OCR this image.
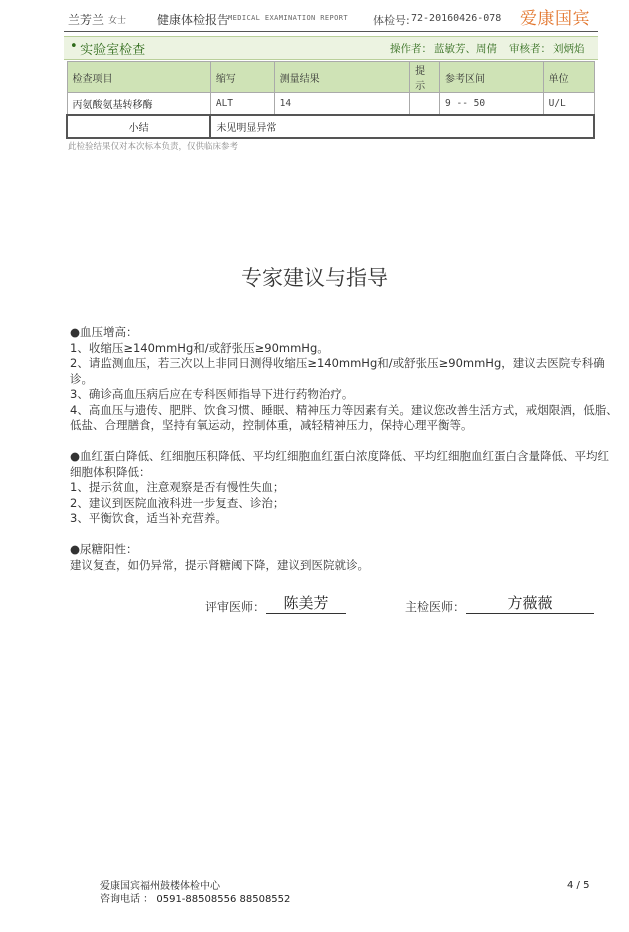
兰芳兰 女士	健康体检报告
MEDICAL EXAMINATION REPORT 体检号: 72-20160426-078 爱康国宾
• 实验室检查	操作者： 蓝敏芳、周倩 审核者： 刘炳焰
检查项目	缩写	测量结果	提示	参考区间	单位
丙氨酸氨基转移酶	ALT	14		9 -- 50	U/L
小结	未见明显异常				
此检验结果仅对本次标本负责，仅供临床参考
专家建议与指导

●血压增高：

1、收缩压≥140mmHg和/或舒张压≥90mmHg。

2、请监测血压，若三次以上非同日测得收缩压≥140mmHg和/或舒张压≥90mmHg，建议去医院专科确诊。

3、确诊高血压病后应在专科医师指导下进行药物治疗。

4、高血压与遗传、肥胖、饮食习惯、睡眠、精神压力等因素有关。建议您改善生活方式，戒烟限酒，低脂、低盐、合理膳食，坚持有氧运动，控制体重，减轻精神压力，保持心理平衡等。

●血红蛋白降低、红细胞压积降低、平均红细胞血红蛋白浓度降低、平均红细胞血红蛋白含量降低、平均红细胞体积降低：

1、提示贫血，注意观察是否有慢性失血；

2、建议到医院血液科进一步复查、诊治；

3、平衡饮食，适当补充营养。

●尿糖阳性：

建议复查，如仍异常，提示肾糖阈下降，建议到医院就诊。

评审医师：	陈美芳	主检医师：	方薇薇
爱康国宾福州鼓楼体检中心
咨询电话 ： 0591-88508556 88508552
4 / 5
